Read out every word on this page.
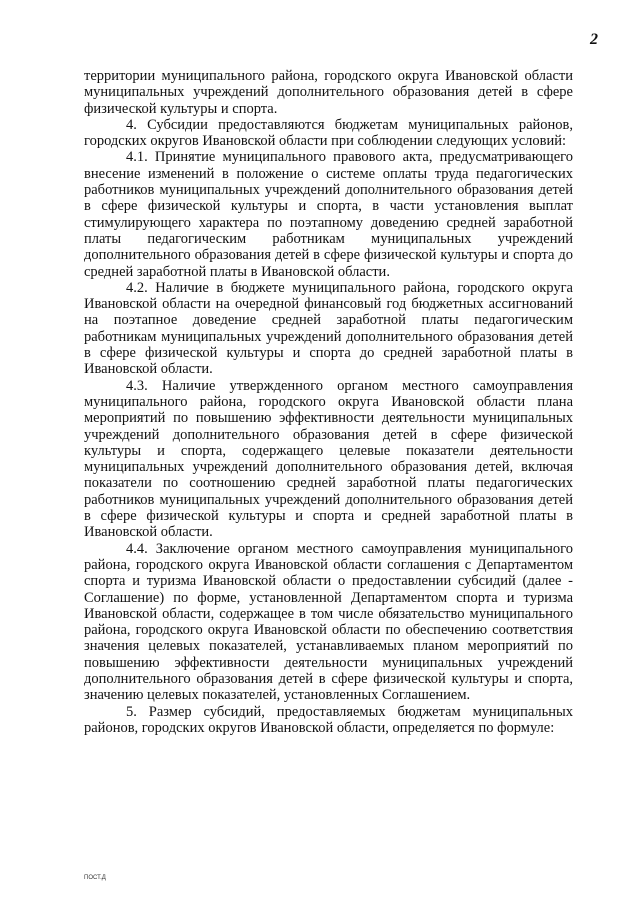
2

территории муниципального района, городского округа Ивановской области муниципальных учреждений дополнительного образования детей в сфере физической культуры и спорта.

4. Субсидии предоставляются бюджетам муниципальных районов, городских округов Ивановской области при соблюдении следующих условий:

4.1. Принятие муниципального правового акта, предусматривающего внесение изменений в положение о системе оплаты труда педагогических работников муниципальных учреждений дополнительного образования детей в сфере физической культуры и спорта, в части установления выплат стимулирующего характера по поэтапному доведению средней заработной платы педагогическим работникам муниципальных учреждений дополнительного образования детей в сфере физической культуры и спорта до средней заработной платы в Ивановской области.

4.2. Наличие в бюджете муниципального района, городского округа Ивановской области на очередной финансовый год бюджетных ассигнований на поэтапное доведение средней заработной платы педагогическим работникам муниципальных учреждений дополнительного образования детей в сфере физической культуры и спорта до средней заработной платы в Ивановской области.

4.3. Наличие утвержденного органом местного самоуправления муниципального района, городского округа Ивановской области плана мероприятий по повышению эффективности деятельности муниципальных учреждений дополнительного образования детей в сфере физической культуры и спорта, содержащего целевые показатели деятельности муниципальных учреждений дополнительного образования детей, включая показатели по соотношению средней заработной платы педагогических работников муниципальных учреждений дополнительного образования детей в сфере физической культуры и спорта и средней заработной платы в Ивановской области.

4.4. Заключение органом местного самоуправления муниципального района, городского округа Ивановской области соглашения с Департаментом спорта и туризма Ивановской области о предоставлении субсидий (далее - Соглашение) по форме, установленной Департаментом спорта и туризма Ивановской области, содержащее в том числе обязательство муниципального района, городского округа Ивановской области по обеспечению соответствия значения целевых показателей, устанавливаемых планом мероприятий по повышению эффективности деятельности муниципальных учреждений дополнительного образования детей в сфере физической культуры и спорта, значению целевых показателей, установленных Соглашением.

5. Размер субсидий, предоставляемых бюджетам муниципальных районов, городских округов Ивановской области, определяется по формуле:

ПОСТ.Д
